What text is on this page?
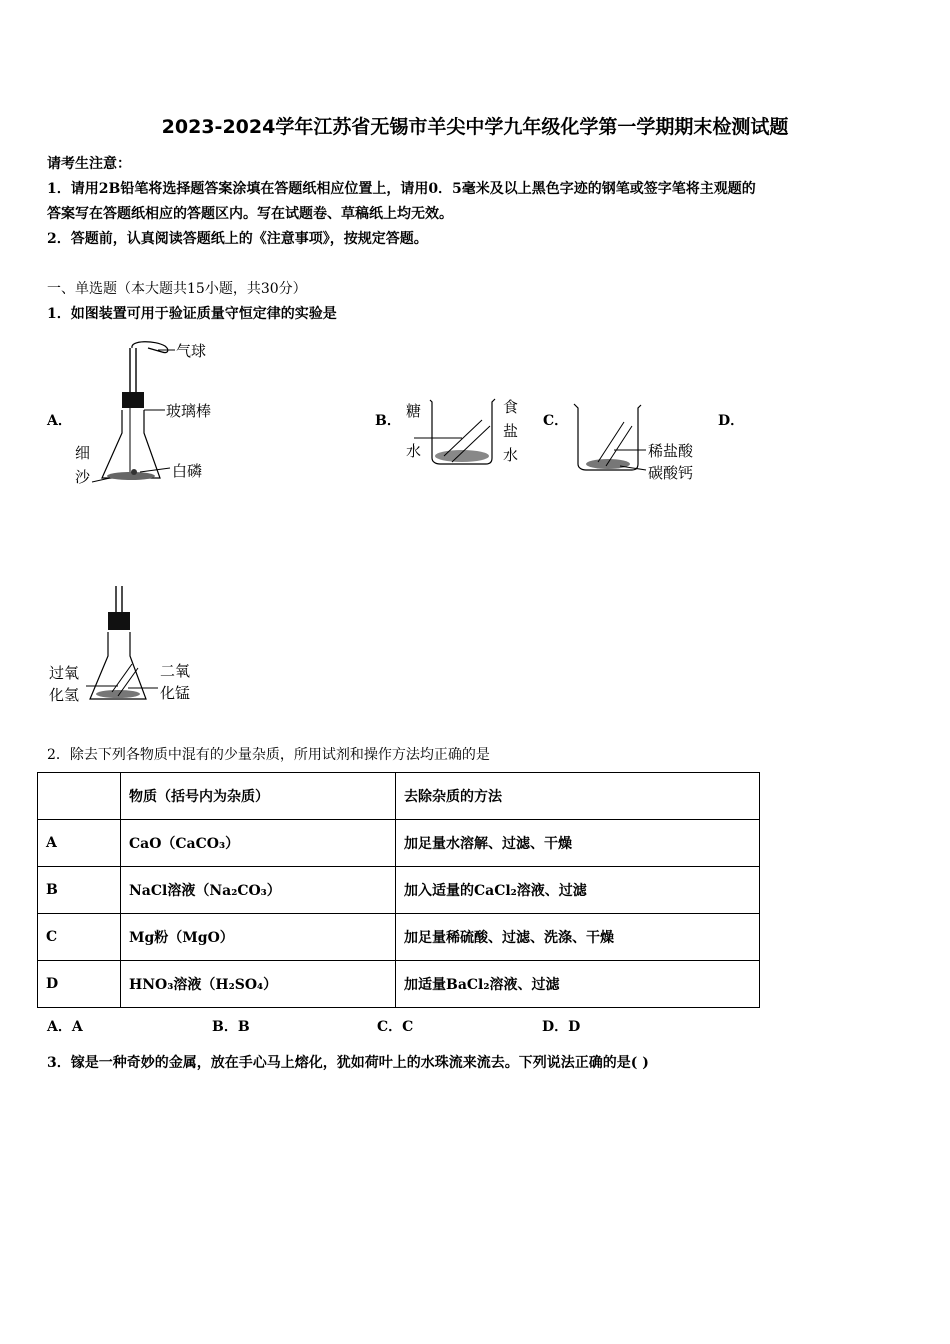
2023-2024学年江苏省无锡市羊尖中学九年级化学第一学期期末检测试题
请考生注意：
1．请用2B铅笔将选择题答案涂填在答题纸相应位置上，请用0．5毫米及以上黑色字迹的钢笔或签字笔将主观题的
答案写在答题纸相应的答题区内。写在试题卷、草稿纸上均无效。
2．答题前，认真阅读答题纸上的《注意事项》，按规定答题。
一、单选题（本大题共15小题，共30分）
1．如图装置可用于验证质量守恒定律的实验是
A．	B．	C．	D．
气球
玻璃棒
细
沙	白磷
糖
水
食
盐
水	稀盐酸
碳酸钙
过氧
化氢
二氧
化锰
2．除去下列各物质中混有的少量杂质，所用试剂和操作方法均正确的是
	物质（括号内为杂质）	去除杂质的方法
A	CaO（CaCO₃）	加足量水溶解、过滤、干燥
B	NaCl溶液（Na₂CO₃）	加入适量的CaCl₂溶液、过滤
C	Mg粉（MgO）	加足量稀硫酸、过滤、洗涤、干燥
D	HNO₃溶液（H₂SO₄）	加适量BaCl₂溶液、过滤
A．A	B．B	C．C	D．D
3．镓是一种奇妙的金属，放在手心马上熔化，犹如荷叶上的水珠流来流去。下列说法正确的是( )
